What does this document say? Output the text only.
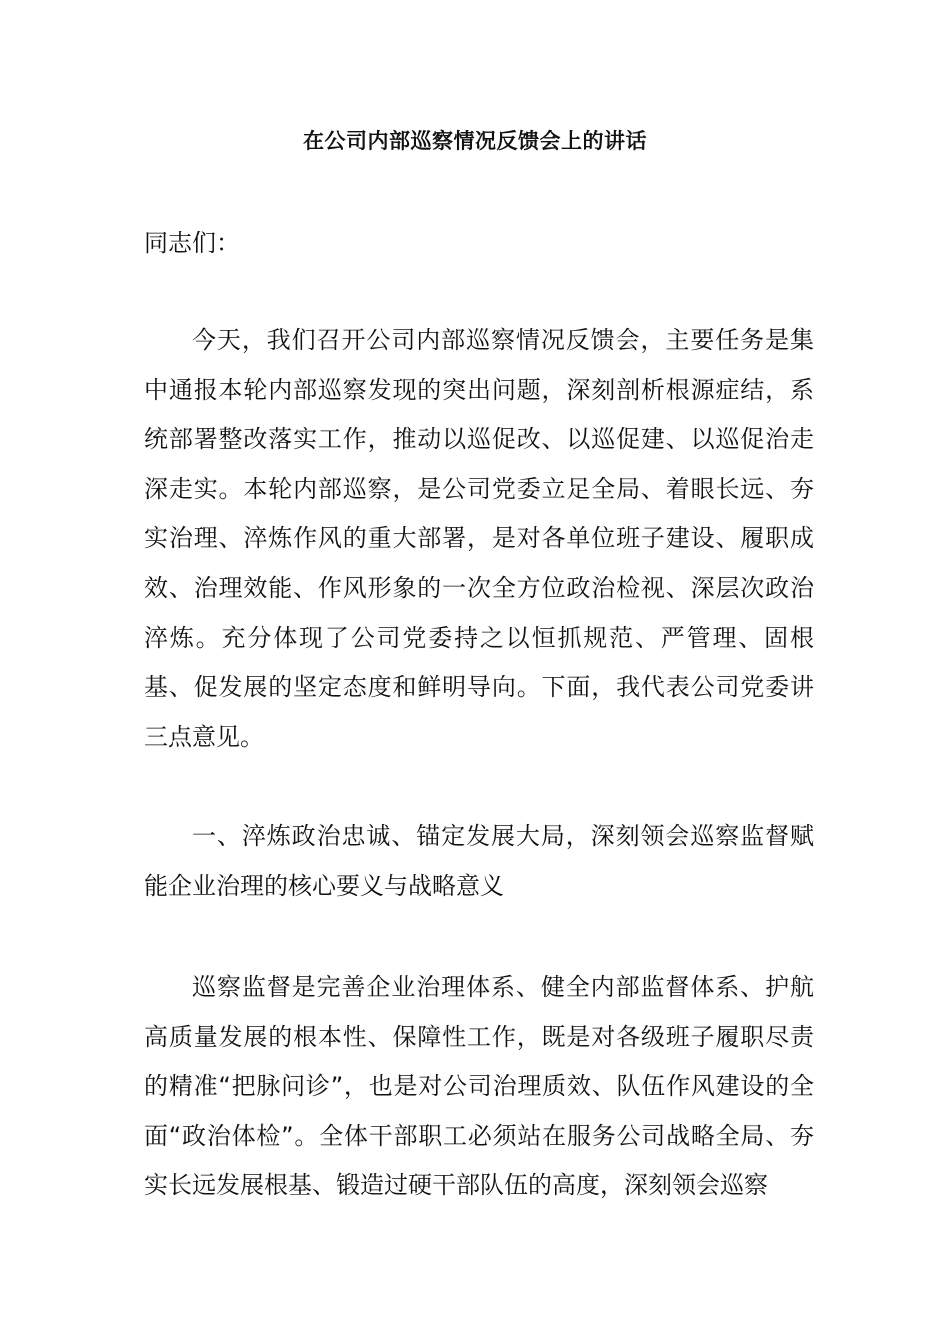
在公司内部巡察情况反馈会上的讲话
同志们：
今天，我们召开公司内部巡察情况反馈会，主要任务是集中通报本轮内部巡察发现的突出问题，深刻剖析根源症结，系统部署整改落实工作，推动以巡促改、以巡促建、以巡促治走深走实。本轮内部巡察，是公司党委立足全局、着眼长远、夯实治理、淬炼作风的重大部署，是对各单位班子建设、履职成效、治理效能、作风形象的一次全方位政治检视、深层次政治淬炼。充分体现了公司党委持之以恒抓规范、严管理、固根基、促发展的坚定态度和鲜明导向。下面，我代表公司党委讲三点意见。
一、淬炼政治忠诚、锚定发展大局，深刻领会巡察监督赋能企业治理的核心要义与战略意义
巡察监督是完善企业治理体系、健全内部监督体系、护航高质量发展的根本性、保障性工作，既是对各级班子履职尽责的精准“把脉问诊”，也是对公司治理质效、队伍作风建设的全面“政治体检”。全体干部职工必须站在服务公司战略全局、夯实长远发展根基、锻造过硬干部队伍的高度，深刻领会巡察
